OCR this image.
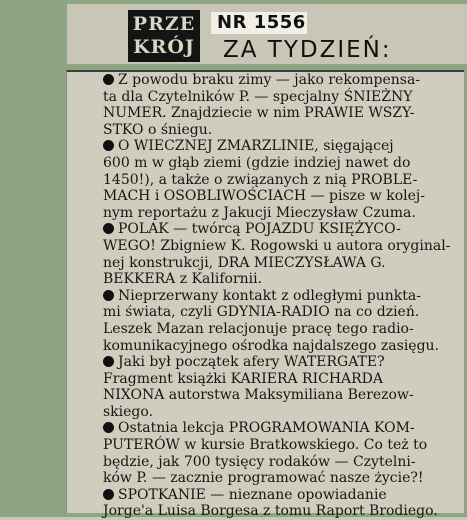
PRZE
KRÓJ
NR 1556
ZA TYDZIEŃ:
Z powodu braku zimy — jako rekompensa-
ta dla Czytelników P. — specjalny ŚNIEŻNY
NUMER. Znajdziecie w nim PRAWIE WSZY-
STKO o śniegu.
O WIECZNEJ ZMARZLINIE, sięgającej
600 m w głąb ziemi (gdzie indziej nawet do
1450!), a także o związanych z nią PROBLE-
MACH i OSOBLIWOŚCIACH — pisze w kolej-
nym reportażu z Jakucji Mieczysław Czuma.
POLAK — twórcą POJAZDU KSIĘŻYCO-
WEGO! Zbigniew K. Rogowski u autora oryginal-
nej konstrukcji, DRA MIECZYSŁAWA G.
BEKKERA z Kalifornii.
Nieprzerwany kontakt z odległymi punkta-
mi świata, czyli GDYNIA-RADIO na co dzień.
Leszek Mazan relacjonuje pracę tego radio-
komunikacyjnego ośrodka najdalszego zasięgu.
Jaki był początek afery WATERGATE?
Fragment książki KARIERA RICHARDA
NIXONA autorstwa Maksymiliana Berezow-
skiego.
Ostatnia lekcja PROGRAMOWANIA KOM-
PUTERÓW w kursie Bratkowskiego. Co też to
będzie, jak 700 tysięcy rodaków — Czytelni-
ków P. — zacznie programować nasze życie?!
SPOTKANIE — nieznane opowiadanie
Jorge'a Luisa Borgesa z tomu Raport Brodiego.
